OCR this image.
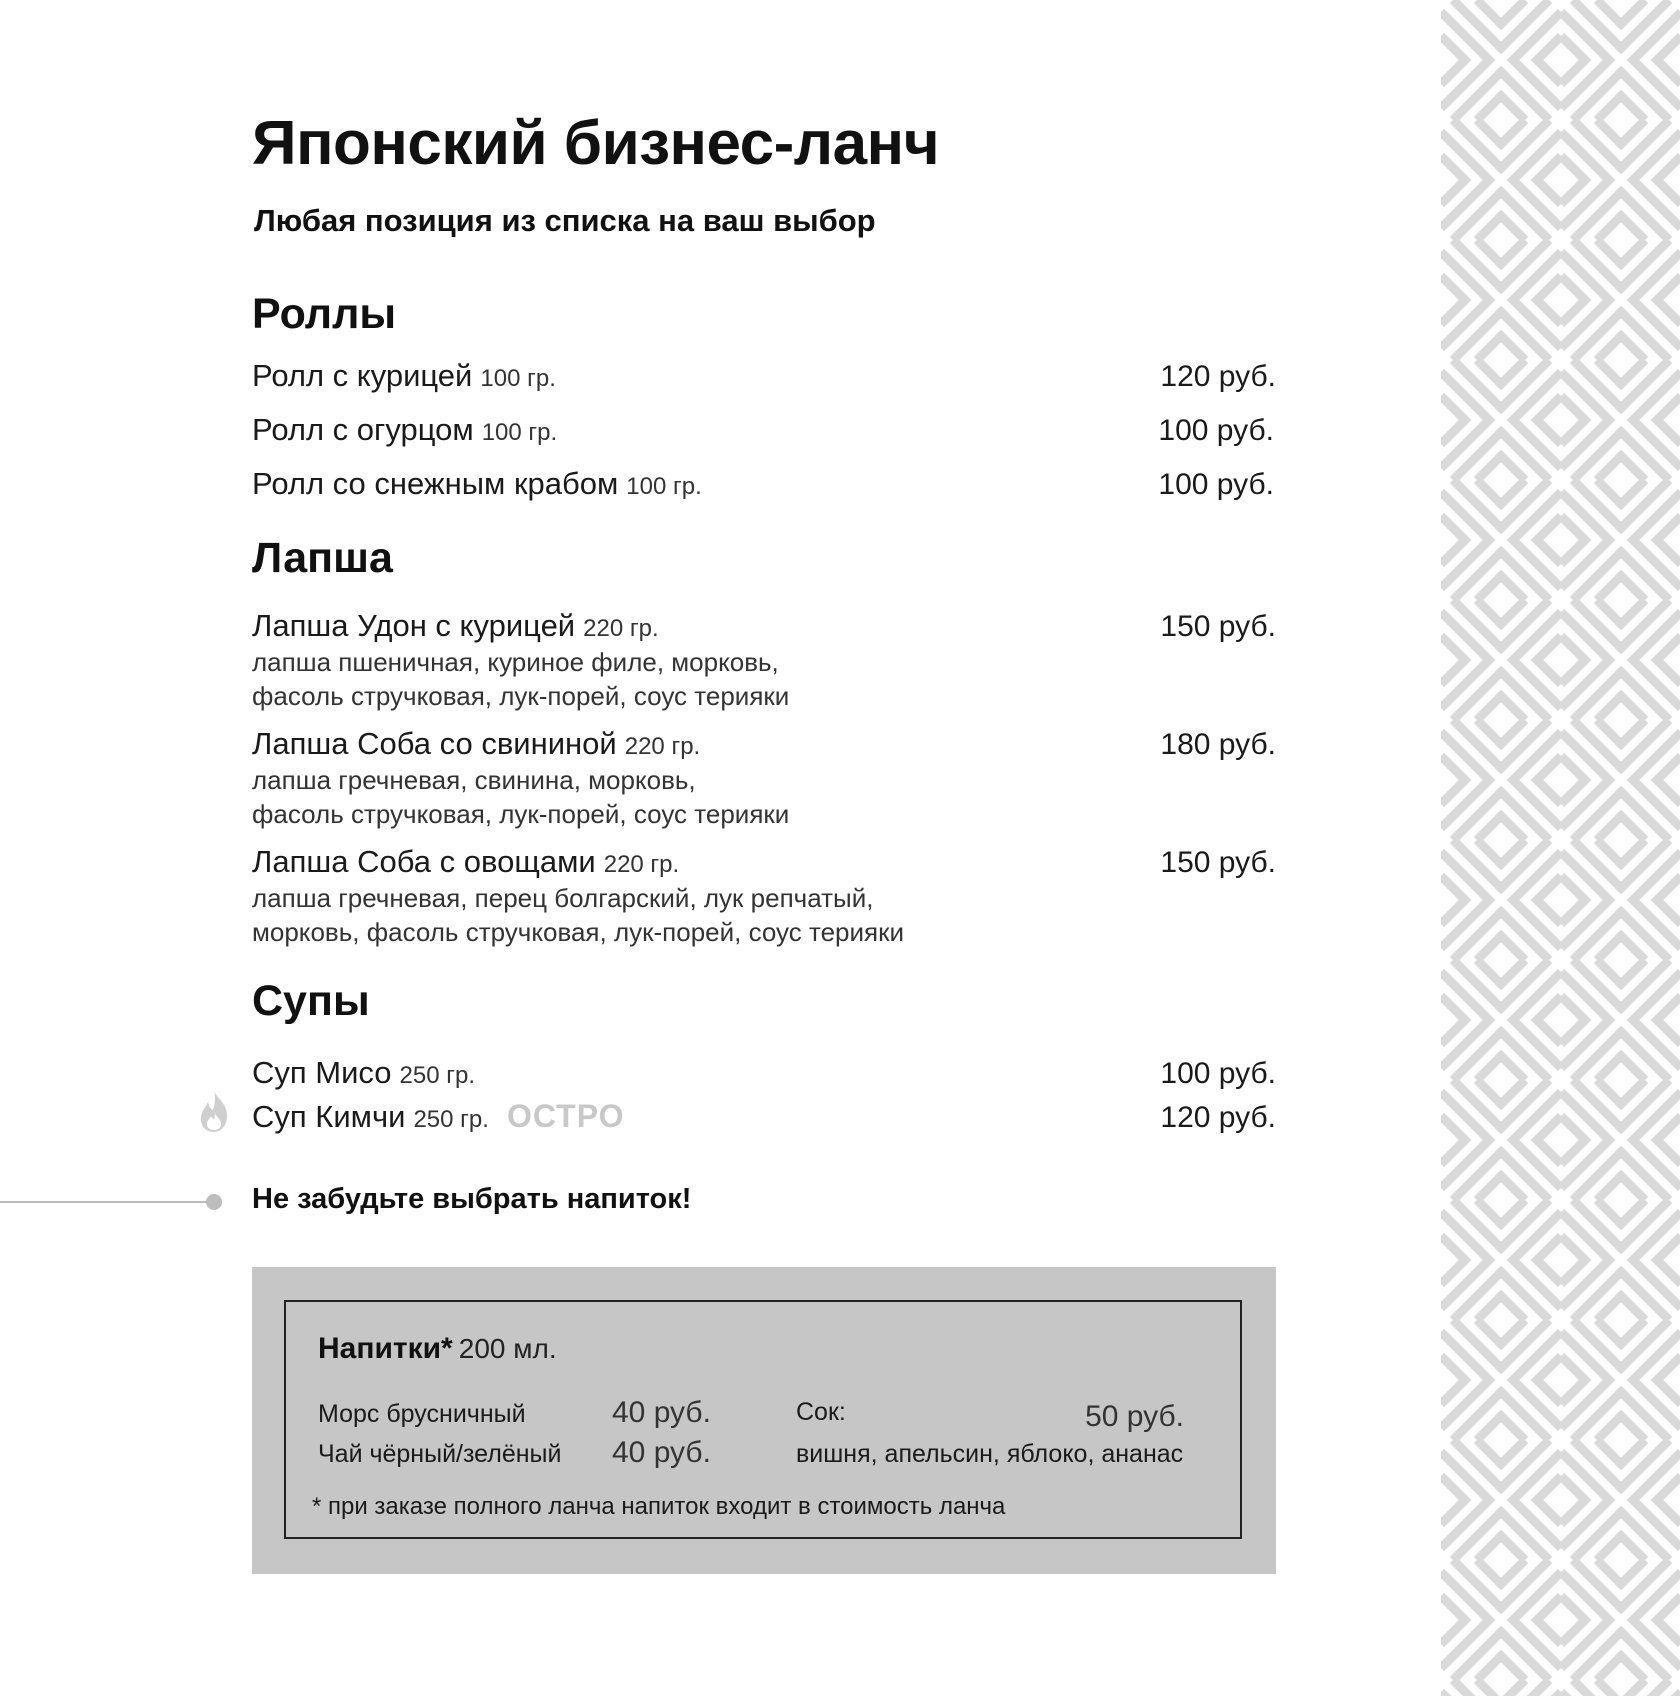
Японский бизнес-ланч
Любая позиция из списка на ваш выбор
Роллы
Ролл с курицей 100 гр.	120 руб.
Ролл с огурцом 100 гр.	100 руб.
Ролл со снежным крабом 100 гр.	100 руб.
Лапша
Лапша Удон с курицей 220 гр.	150 руб.
лапша пшеничная, куриное филе, морковь,
фасоль стручковая, лук-порей, соус терияки
Лапша Соба со свининой 220 гр.	180 руб.
лапша гречневая, свинина, морковь,
фасоль стручковая, лук-порей, соус терияки
Лапша Соба с овощами 220 гр.	150 руб.
лапша гречневая, перец болгарский, лук репчатый,
морковь, фасоль стручковая, лук-порей, соус терияки
Супы
Суп Мисо 250 гр.	100 руб.
Суп Кимчи 250 гр. ОСТРО	120 руб.
Не забудьте выбрать напиток!
Напитки* 200 мл.
Морс брусничный	40 руб.
Чай чёрный/зелёный 40 руб.
Сок:	50 руб.
вишня, апельсин, яблоко, ананас
* при заказе полного ланча напиток входит в стоимость ланча
